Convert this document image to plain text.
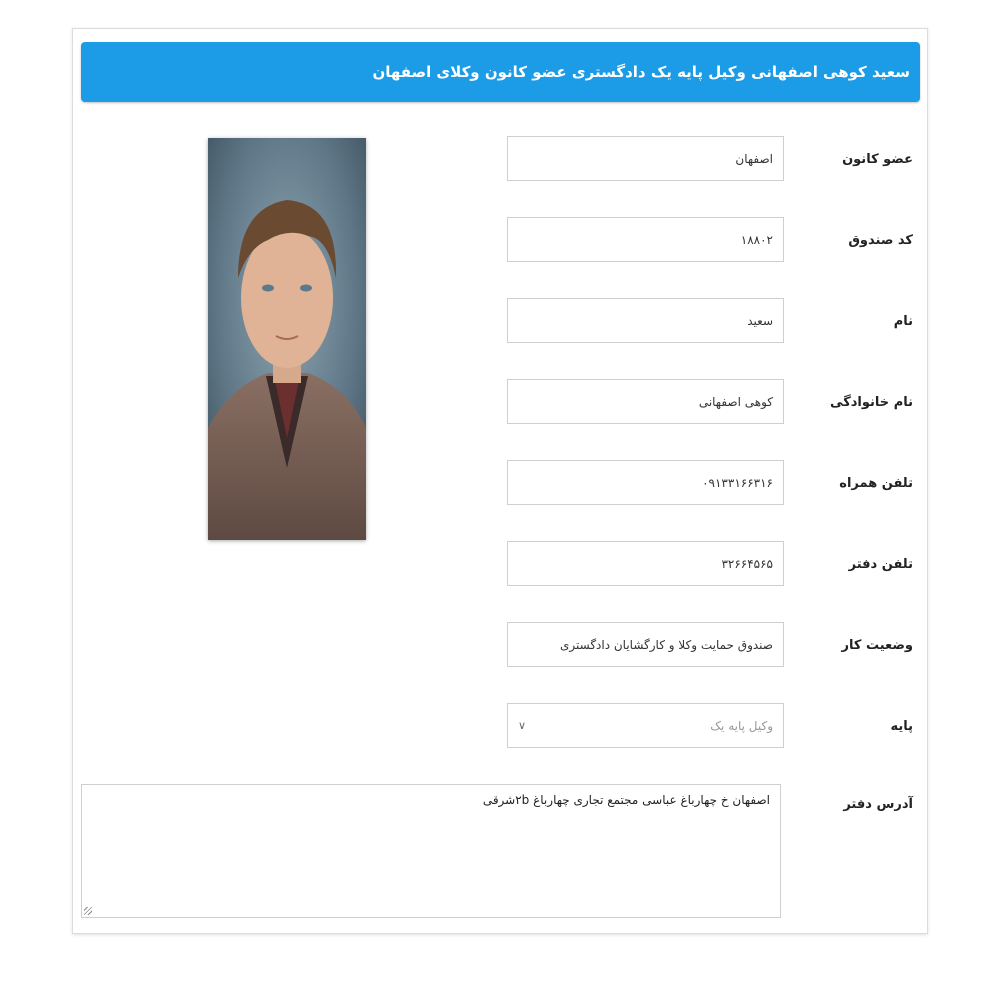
سعید کوهی اصفهانی وکیل پایه یک دادگستری عضو کانون وکلای اصفهان
عضو کانون
اصفهان
کد صندوق
۱۸۸۰۲
نام
سعید
نام خانوادگی
کوهی اصفهانی
تلفن همراه
۰۹۱۳۳۱۶۶۳۱۶
تلفن دفتر
۳۲۶۶۴۵۶۵
وضعیت کار
صندوق حمایت وکلا و کارگشایان دادگستری
پایه
وکیل پایه یک
∨
آدرس دفتر
اصفهان خ چهارباغ عباسی مجتمع تجاری چهارباغ ۲bشرقی
